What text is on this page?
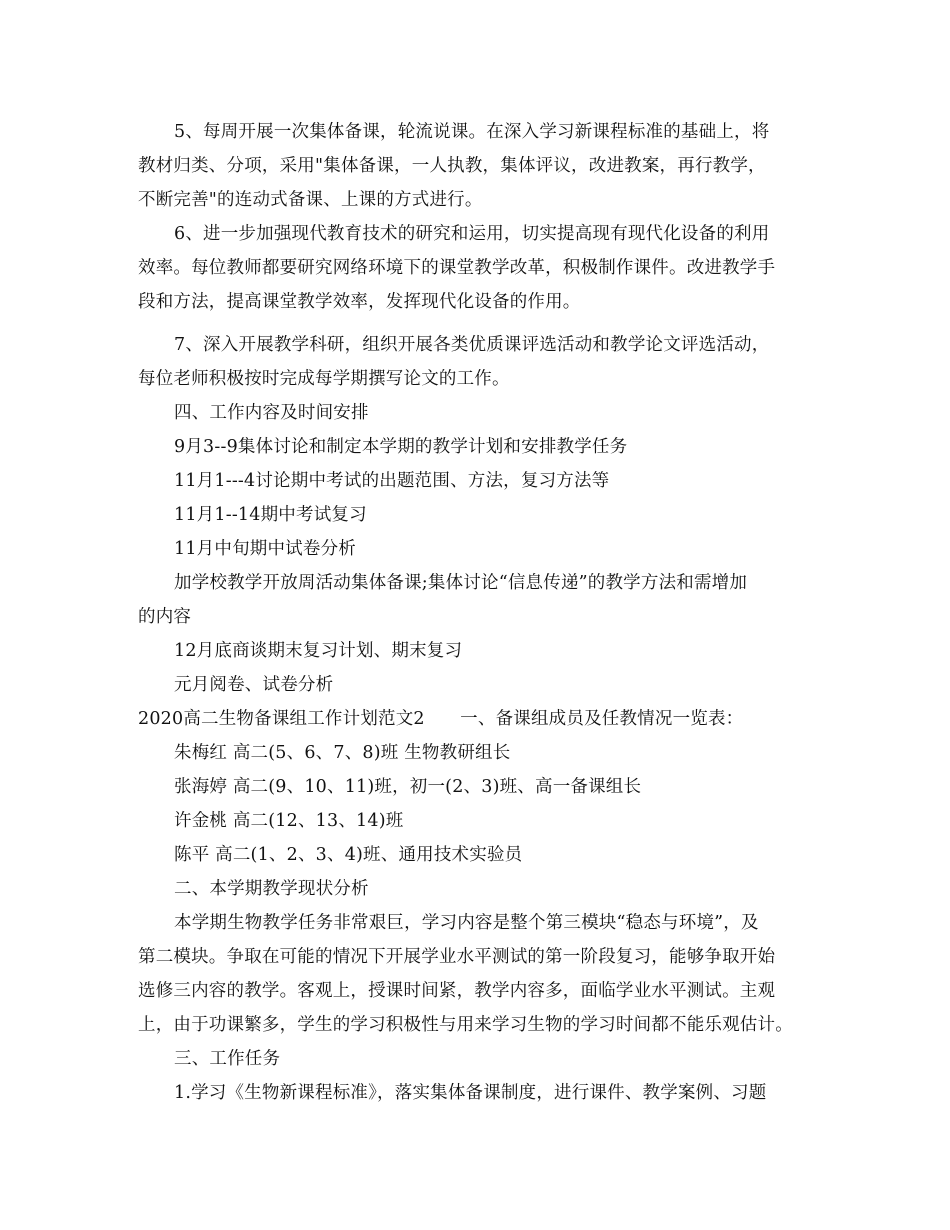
5、每周开展一次集体备课，轮流说课。在深入学习新课程标准的基础上，将
教材归类、分项，采用"集体备课，一人执教，集体评议，改进教案，再行教学，
不断完善"的连动式备课、上课的方式进行。
6、进一步加强现代教育技术的研究和运用，切实提高现有现代化设备的利用
效率。每位教师都要研究网络环境下的课堂教学改革，积极制作课件。改进教学手
段和方法，提高课堂教学效率，发挥现代化设备的作用。
7、深入开展教学科研，组织开展各类优质课评选活动和教学论文评选活动，
每位老师积极按时完成每学期撰写论文的工作。
四、工作内容及时间安排
9月3--9集体讨论和制定本学期的教学计划和安排教学任务
11月1---4讨论期中考试的出题范围、方法，复习方法等
11月1--14期中考试复习
11月中旬期中试卷分析
加学校教学开放周活动集体备课;集体讨论“信息传递”的教学方法和需增加
的内容
12月底商谈期末复习计划、期末复习
元月阅卷、试卷分析
2020高二生物备课组工作计划范文2　　一、备课组成员及任教情况一览表：
朱梅红 高二(5、6、7、8)班 生物教研组长
张海婷 高二(9、10、11)班，初一(2、3)班、高一备课组长
许金桃 高二(12、13、14)班
陈平 高二(1、2、3、4)班、通用技术实验员
二、本学期教学现状分析
本学期生物教学任务非常艰巨，学习内容是整个第三模块“稳态与环境”，及
第二模块。争取在可能的情况下开展学业水平测试的第一阶段复习，能够争取开始
选修三内容的教学。客观上，授课时间紧，教学内容多，面临学业水平测试。主观
上，由于功课繁多，学生的学习积极性与用来学习生物的学习时间都不能乐观估计。
三、工作任务
1.学习《生物新课程标准》，落实集体备课制度，进行课件、教学案例、习题
